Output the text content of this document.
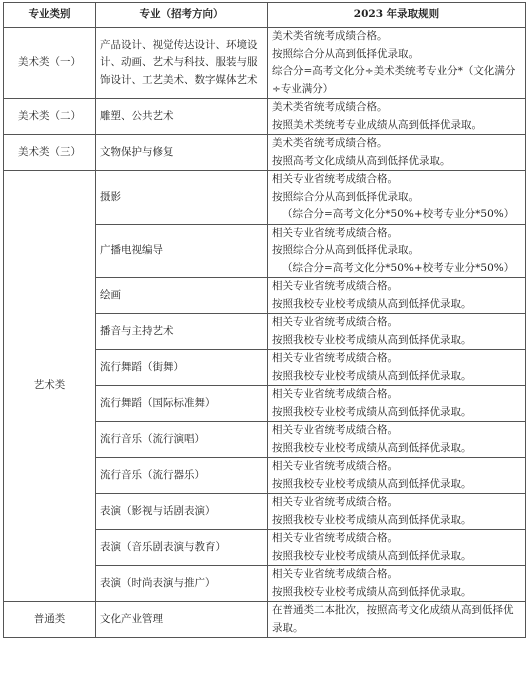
专业类别	专业（招考方向）	2023 年录取规则
美术类（一）	产品设计、视觉传达设计、环境设计、动画、艺术与科技、服装与服饰设计、工艺美术、数字媒体艺术	美术类省统考成绩合格。

按照综合分从高到低择优录取。

综合分=高考文化分÷美术类统考专业分*（文化满分÷专业满分）

美术类（二）	雕塑、公共艺术	美术类省统考成绩合格。

按照美术类统考专业成绩从高到低择优录取。

美术类（三）	文物保护与修复	美术类省统考成绩合格。

按照高考文化成绩从高到低择优录取。

艺术类	摄影	相关专业省统考成绩合格。

按照综合分从高到低择优录取。

（综合分=高考文化分*50%+校考专业分*50%）

	广播电视编导	相关专业省统考成绩合格。

按照综合分从高到低择优录取。

（综合分=高考文化分*50%+校考专业分*50%）

	绘画	相关专业省统考成绩合格。

按照我校专业校考成绩从高到低择优录取。

	播音与主持艺术	相关专业省统考成绩合格。

按照我校专业校考成绩从高到低择优录取。

	流行舞蹈（街舞）	相关专业省统考成绩合格。

按照我校专业校考成绩从高到低择优录取。

	流行舞蹈（国际标准舞）	相关专业省统考成绩合格。

按照我校专业校考成绩从高到低择优录取。

	流行音乐（流行演唱）	相关专业省统考成绩合格。

按照我校专业校考成绩从高到低择优录取。

	流行音乐（流行器乐）	相关专业省统考成绩合格。

按照我校专业校考成绩从高到低择优录取。

	表演（影视与话剧表演）	相关专业省统考成绩合格。

按照我校专业校考成绩从高到低择优录取。

	表演（音乐剧表演与教育）	相关专业省统考成绩合格。

按照我校专业校考成绩从高到低择优录取。

	表演（时尚表演与推广）	相关专业省统考成绩合格。

按照我校专业校考成绩从高到低择优录取。

普通类	文化产业管理	在普通类二本批次，按照高考文化成绩从高到低择优录取。
